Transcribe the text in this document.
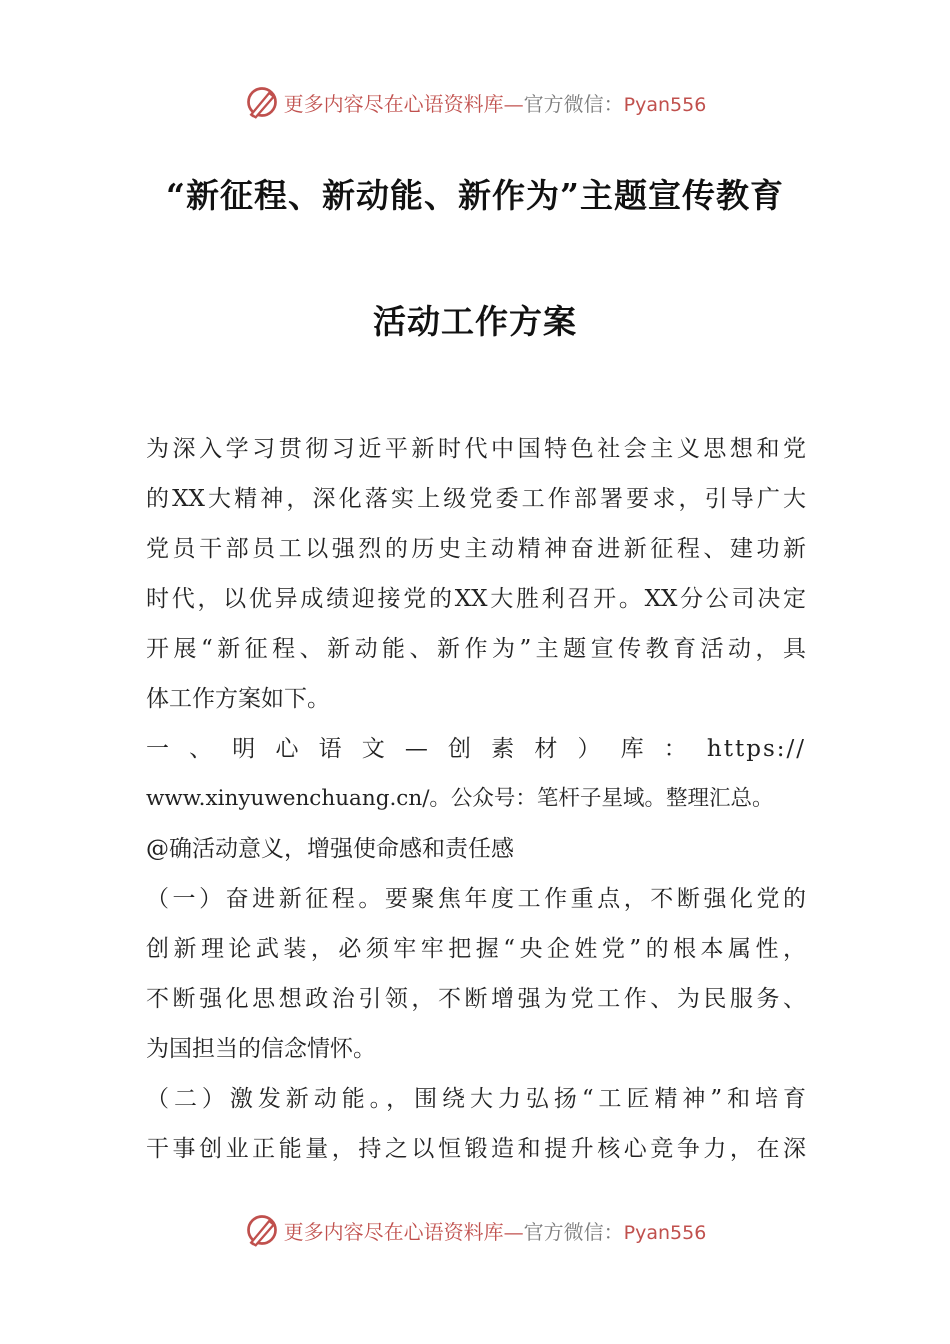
更多内容尽在心语资料库—官方微信：Pyan556
“新征程、新动能、新作为”主题宣传教育
活动工作方案
为深入学习贯彻习近平新时代中国特色社会主义思想和党
的XX大精神，深化落实上级党委工作部署要求，引导广大
党员干部员工以强烈的历史主动精神奋进新征程、建功新
时代，以优异成绩迎接党的XX大胜利召开。XX分公司决定
开展“新征程、新动能、新作为”主题宣传教育活动，具
体工作方案如下。
一、明心语文—创素材）库：https://
www.xinyuwenchuang.cn/。公众号：笔杆子星域。整理汇总。
@确活动意义，增强使命感和责任感
（一）奋进新征程。要聚焦年度工作重点，不断强化党的
创新理论武装，必须牢牢把握“央企姓党”的根本属性，
不断强化思想政治引领，不断增强为党工作、为民服务、
为国担当的信念情怀。
（二）激发新动能。，围绕大力弘扬“工匠精神”和培育
干事创业正能量，持之以恒锻造和提升核心竞争力，在深
更多内容尽在心语资料库—官方微信：Pyan556
